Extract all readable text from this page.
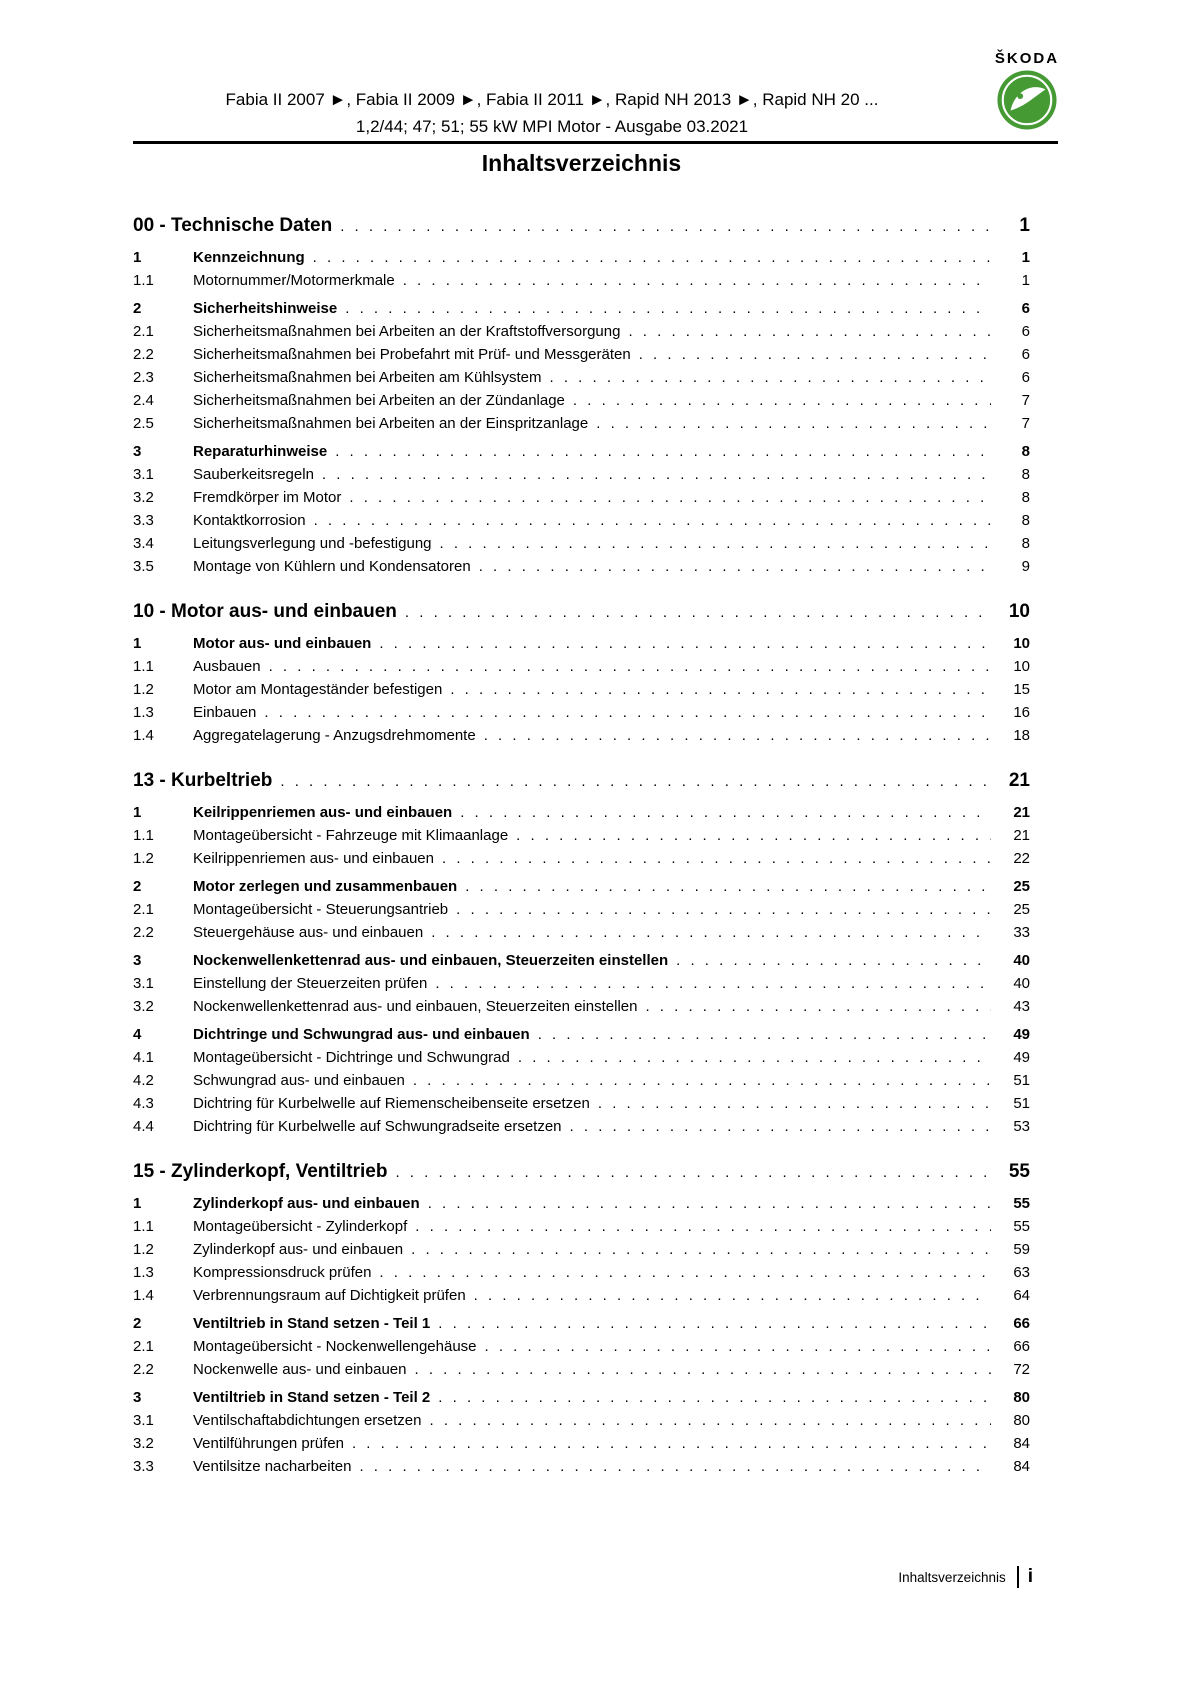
ŠKODA
Fabia II 2007 ►, Fabia II 2009 ►, Fabia II 2011 ►, Rapid NH 2013 ►, Rapid NH 20 ...
1,2/44; 47; 51; 55 kW MPI Motor - Ausgabe 03.2021
Inhaltsverzeichnis
00 - Technische Daten . . .	1
1	Kennzeichnung . . .	1
1.1	Motornummer/Motormerkmale . . .	1
2	Sicherheitshinweise . . .	6
2.1	Sicherheitsmaßnahmen bei Arbeiten an der Kraftstoffversorgung . . .	6
2.2	Sicherheitsmaßnahmen bei Probefahrt mit Prüf- und Messgeräten . . .	6
2.3	Sicherheitsmaßnahmen bei Arbeiten am Kühlsystem . . .	6
2.4	Sicherheitsmaßnahmen bei Arbeiten an der Zündanlage . . .	7
2.5	Sicherheitsmaßnahmen bei Arbeiten an der Einspritzanlage . . .	7
3	Reparaturhinweise . . .	8
3.1	Sauberkeitsregeln . . .	8
3.2	Fremdkörper im Motor . . .	8
3.3	Kontaktkorrosion . . .	8
3.4	Leitungsverlegung und -befestigung . . .	8
3.5	Montage von Kühlern und Kondensatoren . . .	9
10 - Motor aus- und einbauen . . .	10
1	Motor aus- und einbauen . . .	10
1.1	Ausbauen . . .	10
1.2	Motor am Montageständer befestigen . . .	15
1.3	Einbauen . . .	16
1.4	Aggregatelagerung - Anzugsdrehmomente . . .	18
13 - Kurbeltrieb . . .	21
1	Keilrippenriemen aus- und einbauen . . .	21
1.1	Montageübersicht - Fahrzeuge mit Klimaanlage . . .	21
1.2	Keilrippenriemen aus- und einbauen . . .	22
2	Motor zerlegen und zusammenbauen . . .	25
2.1	Montageübersicht - Steuerungsantrieb . . .	25
2.2	Steuergehäuse aus- und einbauen . . .	33
3	Nockenwellenkettenrad aus- und einbauen, Steuerzeiten einstellen . . .	40
3.1	Einstellung der Steuerzeiten prüfen . . .	40
3.2	Nockenwellenkettenrad aus- und einbauen, Steuerzeiten einstellen . . .	43
4	Dichtringe und Schwungrad aus- und einbauen . . .	49
4.1	Montageübersicht - Dichtringe und Schwungrad . . .	49
4.2	Schwungrad aus- und einbauen . . .	51
4.3	Dichtring für Kurbelwelle auf Riemenscheibenseite ersetzen . . .	51
4.4	Dichtring für Kurbelwelle auf Schwungradseite ersetzen . . .	53
15 - Zylinderkopf, Ventiltrieb . . .	55
1	Zylinderkopf aus- und einbauen . . .	55
1.1	Montageübersicht - Zylinderkopf . . .	55
1.2	Zylinderkopf aus- und einbauen . . .	59
1.3	Kompressionsdruck prüfen . . .	63
1.4	Verbrennungsraum auf Dichtigkeit prüfen . . .	64
2	Ventiltrieb in Stand setzen - Teil 1 . . .	66
2.1	Montageübersicht - Nockenwellengehäuse . . .	66
2.2	Nockenwelle aus- und einbauen . . .	72
3	Ventiltrieb in Stand setzen - Teil 2 . . .	80
3.1	Ventilschaftabdichtungen ersetzen . . .	80
3.2	Ventilführungen prüfen . . .	84
3.3	Ventilsitze nacharbeiten . . .	84
Inhaltsverzeichnis i
